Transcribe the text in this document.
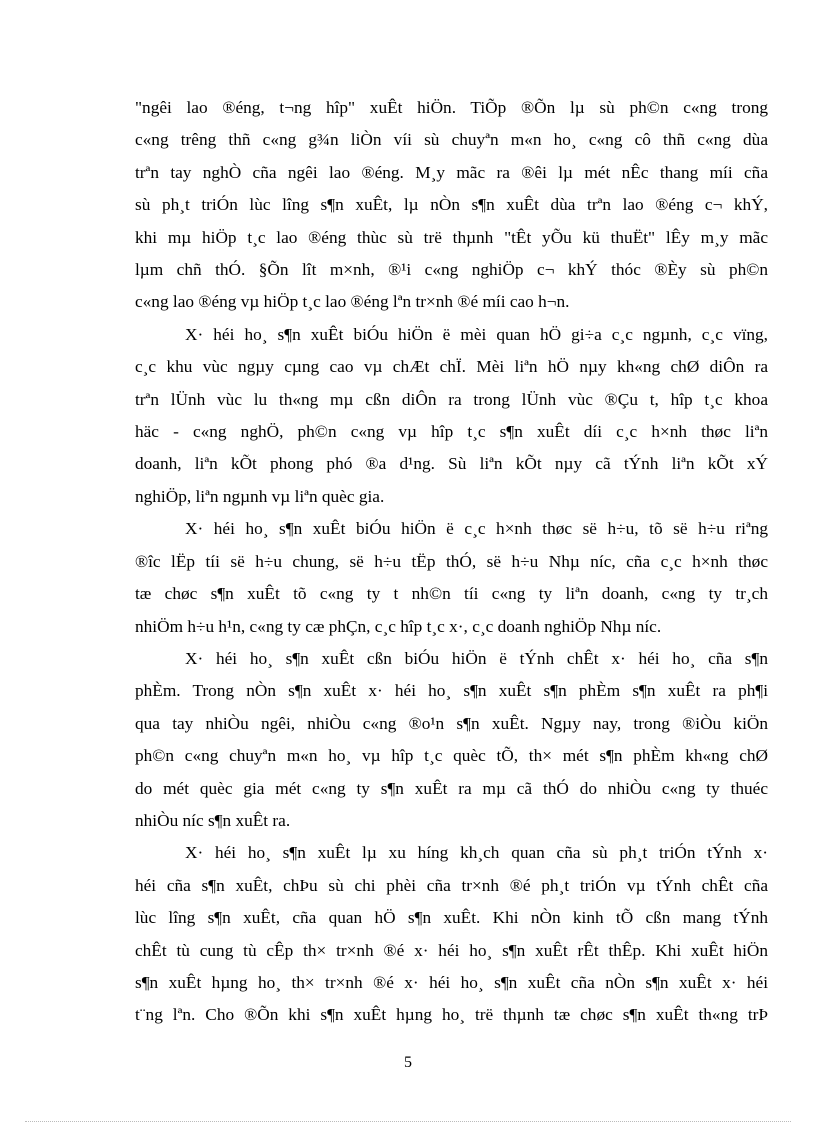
"ngêi lao ®éng, t¬ng hîp" xuÊt hiÖn. TiÕp ®Õn lµ sù ph©n c«ng trong
c«ng trêng thñ c«ng g¾n liÒn víi sù chuyªn m«n ho¸ c«ng cô thñ c«ng dùa
trªn tay nghÒ cña ngêi lao ®éng. M¸y mãc ra ®êi lµ mét nÊc thang míi cña
sù ph¸t triÓn lùc lîng s¶n xuÊt, lµ nÒn s¶n xuÊt dùa trªn lao ®éng c¬ khÝ,
khi mµ hiÖp t¸c lao ®éng thùc sù trë thµnh "tÊt yÕu kü thuËt" lÊy m¸y mãc
lµm chñ thÓ. §Õn lît m×nh, ®¹i c«ng nghiÖp c¬ khÝ thóc ®Èy sù ph©n
c«ng lao ®éng vµ hiÖp t¸c lao ®éng lªn tr×nh ®é míi cao h¬n.
X· héi ho¸ s¶n xuÊt biÓu hiÖn ë mèi quan hÖ gi÷a c¸c ngµnh, c¸c vïng,
c¸c khu vùc ngµy cµng cao vµ chÆt chÏ. Mèi liªn hÖ nµy kh«ng chØ diÔn ra
trªn lÜnh vùc lu th«ng mµ cßn diÔn ra trong lÜnh vùc ®Çu t, hîp t¸c khoa
häc - c«ng nghÖ, ph©n c«ng vµ hîp t¸c s¶n xuÊt díi c¸c h×nh thøc liªn
doanh, liªn kÕt phong phó ®a d¹ng. Sù liªn kÕt nµy cã tÝnh liªn kÕt xÝ
nghiÖp, liªn ngµnh vµ liªn quèc gia.
X· héi ho¸ s¶n xuÊt biÓu hiÖn ë c¸c h×nh thøc së h÷u, tõ së h÷u riªng
®îc lËp tíi së h÷u chung, së h÷u tËp thÓ, së h÷u Nhµ níc, cña c¸c h×nh thøc
tæ chøc s¶n xuÊt tõ c«ng ty t nh©n tíi c«ng ty liªn doanh, c«ng ty tr¸ch
nhiÖm h÷u h¹n, c«ng ty cæ phÇn, c¸c hîp t¸c x·, c¸c doanh nghiÖp Nhµ níc.
X· héi ho¸ s¶n xuÊt cßn biÓu hiÖn ë tÝnh chÊt x· héi ho¸ cña s¶n
phÈm. Trong nÒn s¶n xuÊt x· héi ho¸ s¶n xuÊt s¶n phÈm s¶n xuÊt ra ph¶i
qua tay nhiÒu ngêi, nhiÒu c«ng ®o¹n s¶n xuÊt. Ngµy nay, trong ®iÒu kiÖn
ph©n c«ng chuyªn m«n ho¸ vµ hîp t¸c quèc tÕ, th× mét s¶n phÈm kh«ng chØ
do mét quèc gia mét c«ng ty s¶n xuÊt ra mµ cã thÓ do nhiÒu c«ng ty thuéc
nhiÒu níc s¶n xuÊt ra.
X· héi ho¸ s¶n xuÊt lµ xu híng kh¸ch quan cña sù ph¸t triÓn tÝnh x·
héi cña s¶n xuÊt, chÞu sù chi phèi cña tr×nh ®é ph¸t triÓn vµ tÝnh chÊt cña
lùc lîng s¶n xuÊt, cña quan hÖ s¶n xuÊt. Khi nÒn kinh tÕ cßn mang tÝnh
chÊt tù cung tù cÊp th× tr×nh ®é x· héi ho¸ s¶n xuÊt rÊt thÊp. Khi xuÊt hiÖn
s¶n xuÊt hµng ho¸ th× tr×nh ®é x· héi ho¸ s¶n xuÊt cña nÒn s¶n xuÊt x· héi
t¨ng lªn. Cho ®Õn khi s¶n xuÊt hµng ho¸ trë thµnh tæ chøc s¶n xuÊt th«ng trÞ
5
